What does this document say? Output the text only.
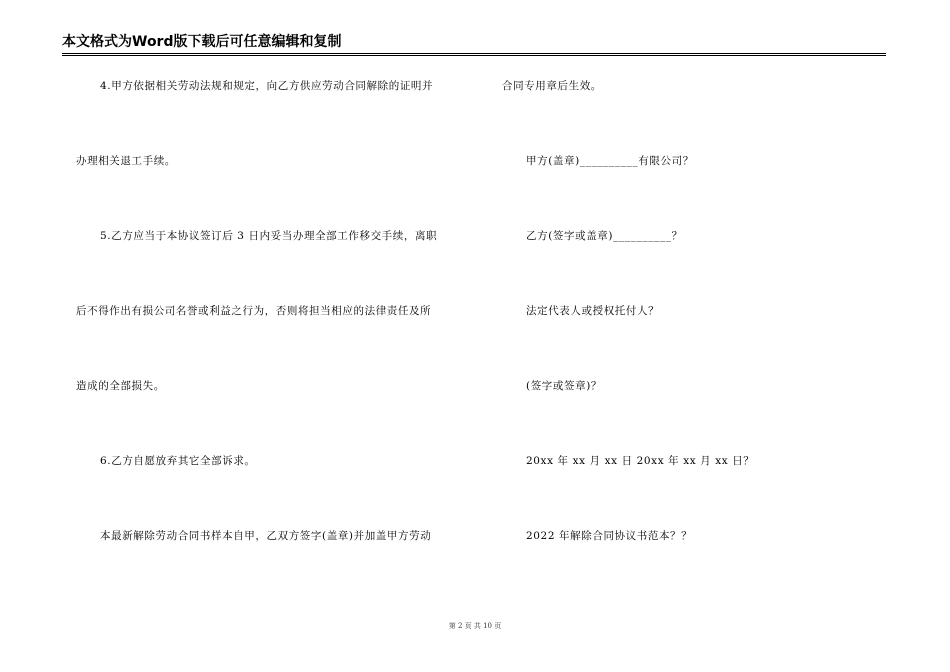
本文格式为Word版下载后可任意编辑和复制
4.甲方依据相关劳动法规和规定，向乙方供应劳动合同解除的证明并
办理相关退工手续。
5.乙方应当于本协议签订后 3 日内妥当办理全部工作移交手续，离职
后不得作出有损公司名誉或利益之行为，否则将担当相应的法律责任及所
造成的全部损失。
6.乙方自愿放弃其它全部诉求。
本最新解除劳动合同书样本自甲，乙双方签字(盖章)并加盖甲方劳动
合同专用章后生效。
甲方(盖章)__________有限公司？
乙方(签字或盖章)__________？
法定代表人或授权托付人？
(签字或签章)？
20xx 年 xx 月 xx 日 20xx 年 xx 月 xx 日？
2022 年解除合同协议书范本？？
第 2 页 共 10 页
